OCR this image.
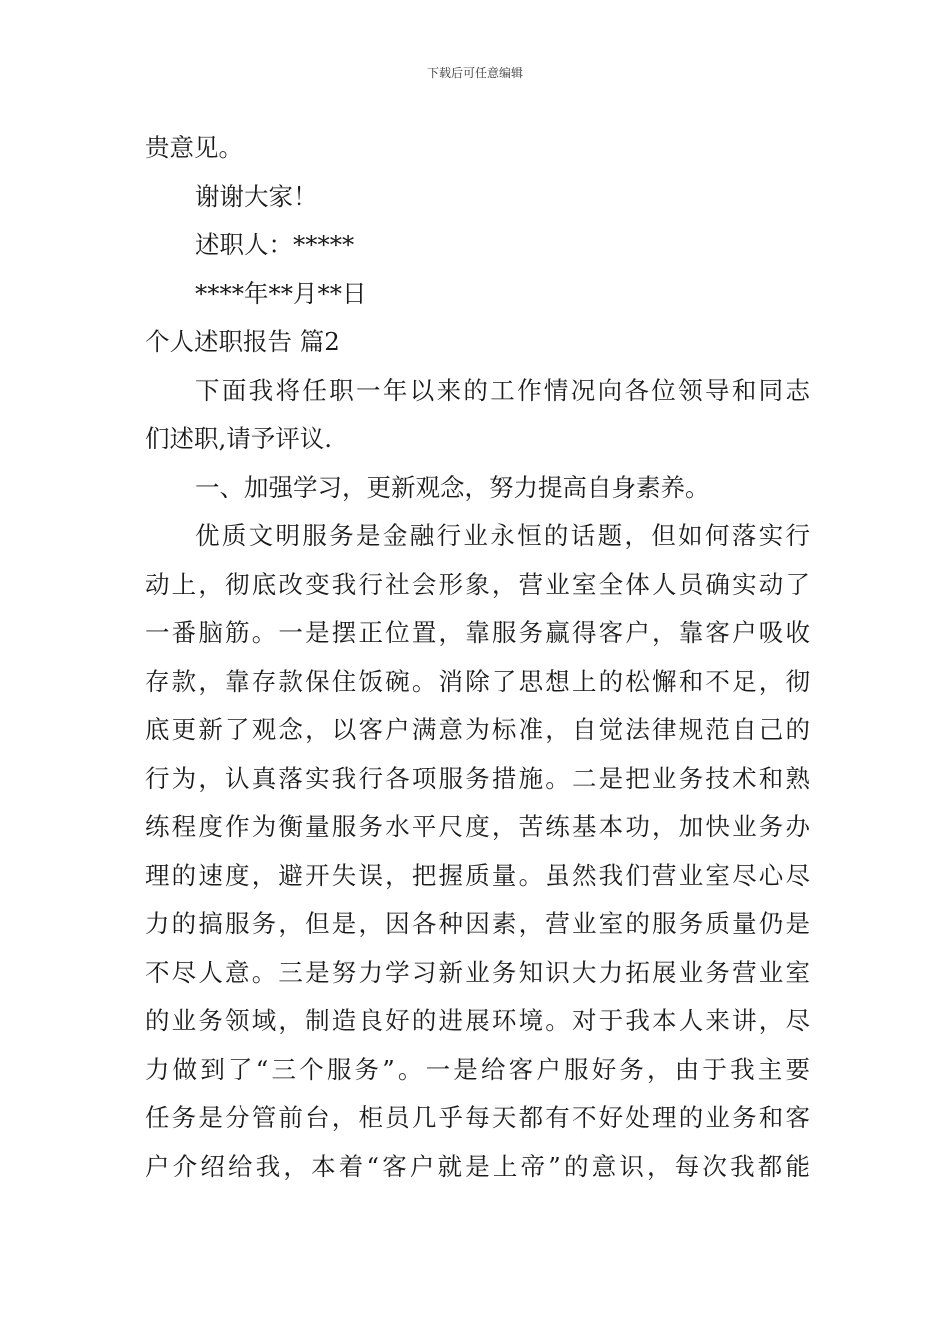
下载后可任意编辑
贵意见。
谢谢大家！
述职人：*****
****年**月**日
个人述职报告 篇2
下面我将任职一年以来的工作情况向各位领导和同志
们述职,请予评议.
一、加强学习，更新观念，努力提高自身素养。
优质文明服务是金融行业永恒的话题，但如何落实行
动上，彻底改变我行社会形象，营业室全体人员确实动了
一番脑筋。一是摆正位置，靠服务赢得客户，靠客户吸收
存款，靠存款保住饭碗。消除了思想上的松懈和不足，彻
底更新了观念，以客户满意为标准，自觉法律规范自己的
行为，认真落实我行各项服务措施。二是把业务技术和熟
练程度作为衡量服务水平尺度，苦练基本功，加快业务办
理的速度，避开失误，把握质量。虽然我们营业室尽心尽
力的搞服务，但是，因各种因素，营业室的服务质量仍是
不尽人意。三是努力学习新业务知识大力拓展业务营业室
的业务领域，制造良好的进展环境。对于我本人来讲，尽
力做到了“三个服务”。一是给客户服好务，由于我主要
任务是分管前台，柜员几乎每天都有不好处理的业务和客
户介绍给我，本着“客户就是上帝”的意识，每次我都能
